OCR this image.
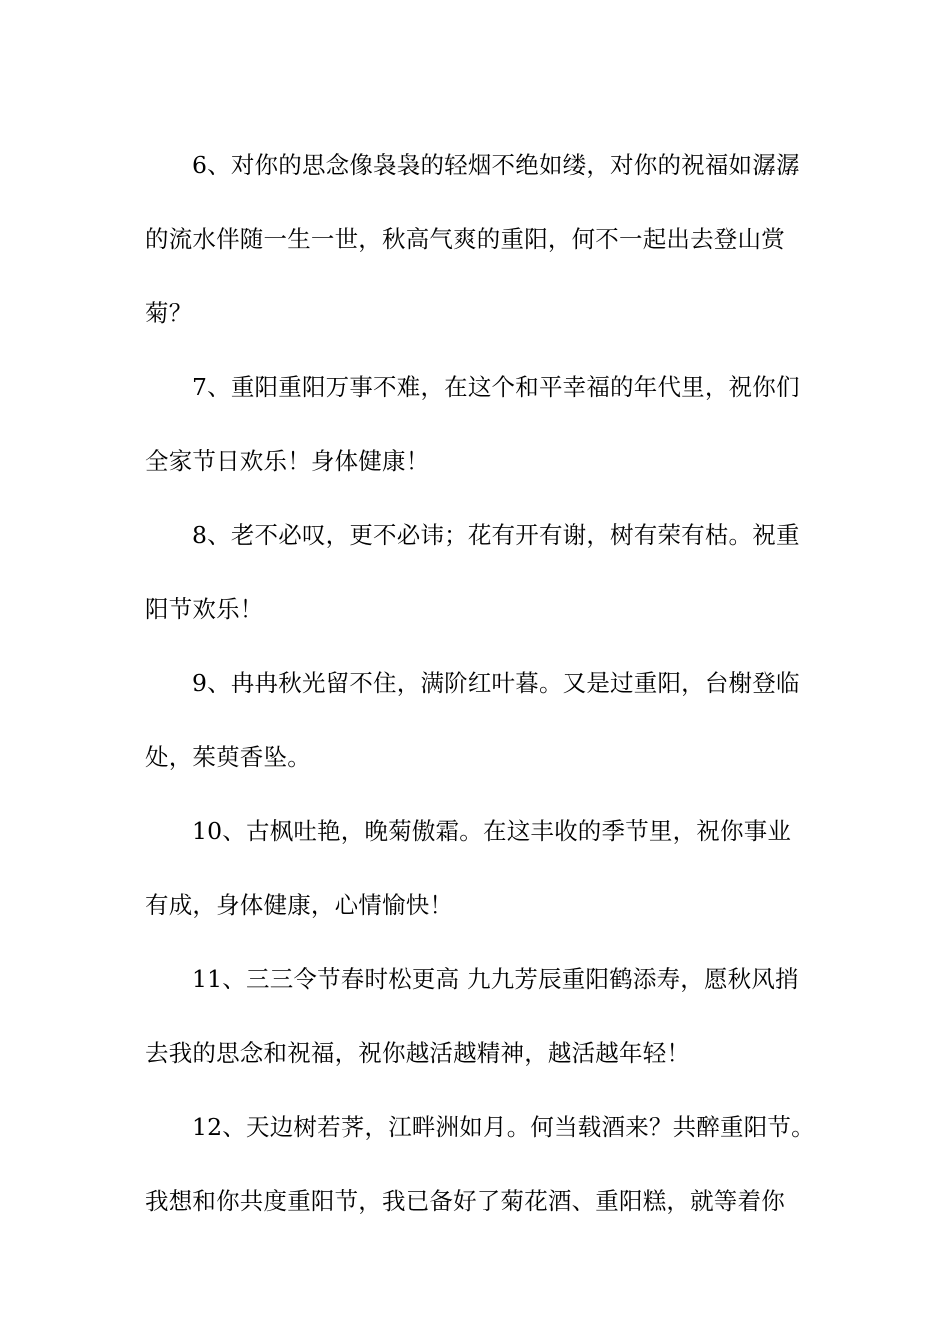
6、对你的思念像袅袅的轻烟不绝如缕，对你的祝福如潺潺
的流水伴随一生一世，秋高气爽的重阳，何不一起出去登山赏
菊？
7、重阳重阳万事不难，在这个和平幸福的年代里，祝你们
全家节日欢乐！身体健康！
8、老不必叹，更不必讳；花有开有谢，树有荣有枯。祝重
阳节欢乐！
9、冉冉秋光留不住，满阶红叶暮。又是过重阳，台榭登临
处，茱萸香坠。
10、古枫吐艳，晚菊傲霜。在这丰收的季节里，祝你事业
有成，身体健康，心情愉快！
11、三三令节春时松更高 九九芳辰重阳鹤添寿，愿秋风捎
去我的思念和祝福，祝你越活越精神，越活越年轻！
12、天边树若荠，江畔洲如月。何当载酒来？共醉重阳节。
我想和你共度重阳节，我已备好了菊花酒、重阳糕，就等着你
